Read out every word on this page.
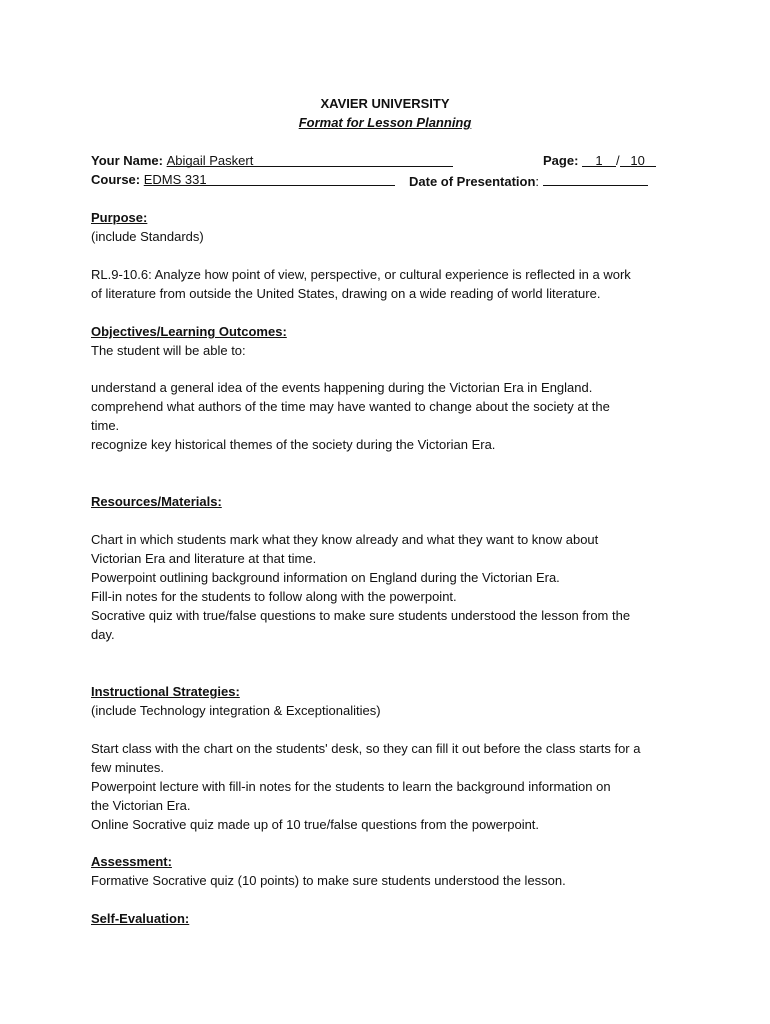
XAVIER UNIVERSITY
Format for Lesson Planning
Your Name: Abigail Paskert	Page: 1 / 10
Course: EDMS 331	Date of Presentation:
Purpose:
(include Standards)
RL.9-10.6: Analyze how point of view, perspective, or cultural experience is reflected in a work
of literature from outside the United States, drawing on a wide reading of world literature.
Objectives/Learning Outcomes:
The student will be able to:
understand a general idea of the events happening during the Victorian Era in England.
comprehend what authors of the time may have wanted to change about the society at the
time.
recognize key historical themes of the society during the Victorian Era.
Resources/Materials:
Chart in which students mark what they know already and what they want to know about
Victorian Era and literature at that time.
Powerpoint outlining background information on England during the Victorian Era.
Fill-in notes for the students to follow along with the powerpoint.
Socrative quiz with true/false questions to make sure students understood the lesson from the
day.
Instructional Strategies:
(include Technology integration & Exceptionalities)
Start class with the chart on the students' desk, so they can fill it out before the class starts for a
few minutes.
Powerpoint lecture with fill-in notes for the students to learn the background information on
the Victorian Era.
Online Socrative quiz made up of 10 true/false questions from the powerpoint.
Assessment:
Formative Socrative quiz (10 points) to make sure students understood the lesson.
Self-Evaluation:
